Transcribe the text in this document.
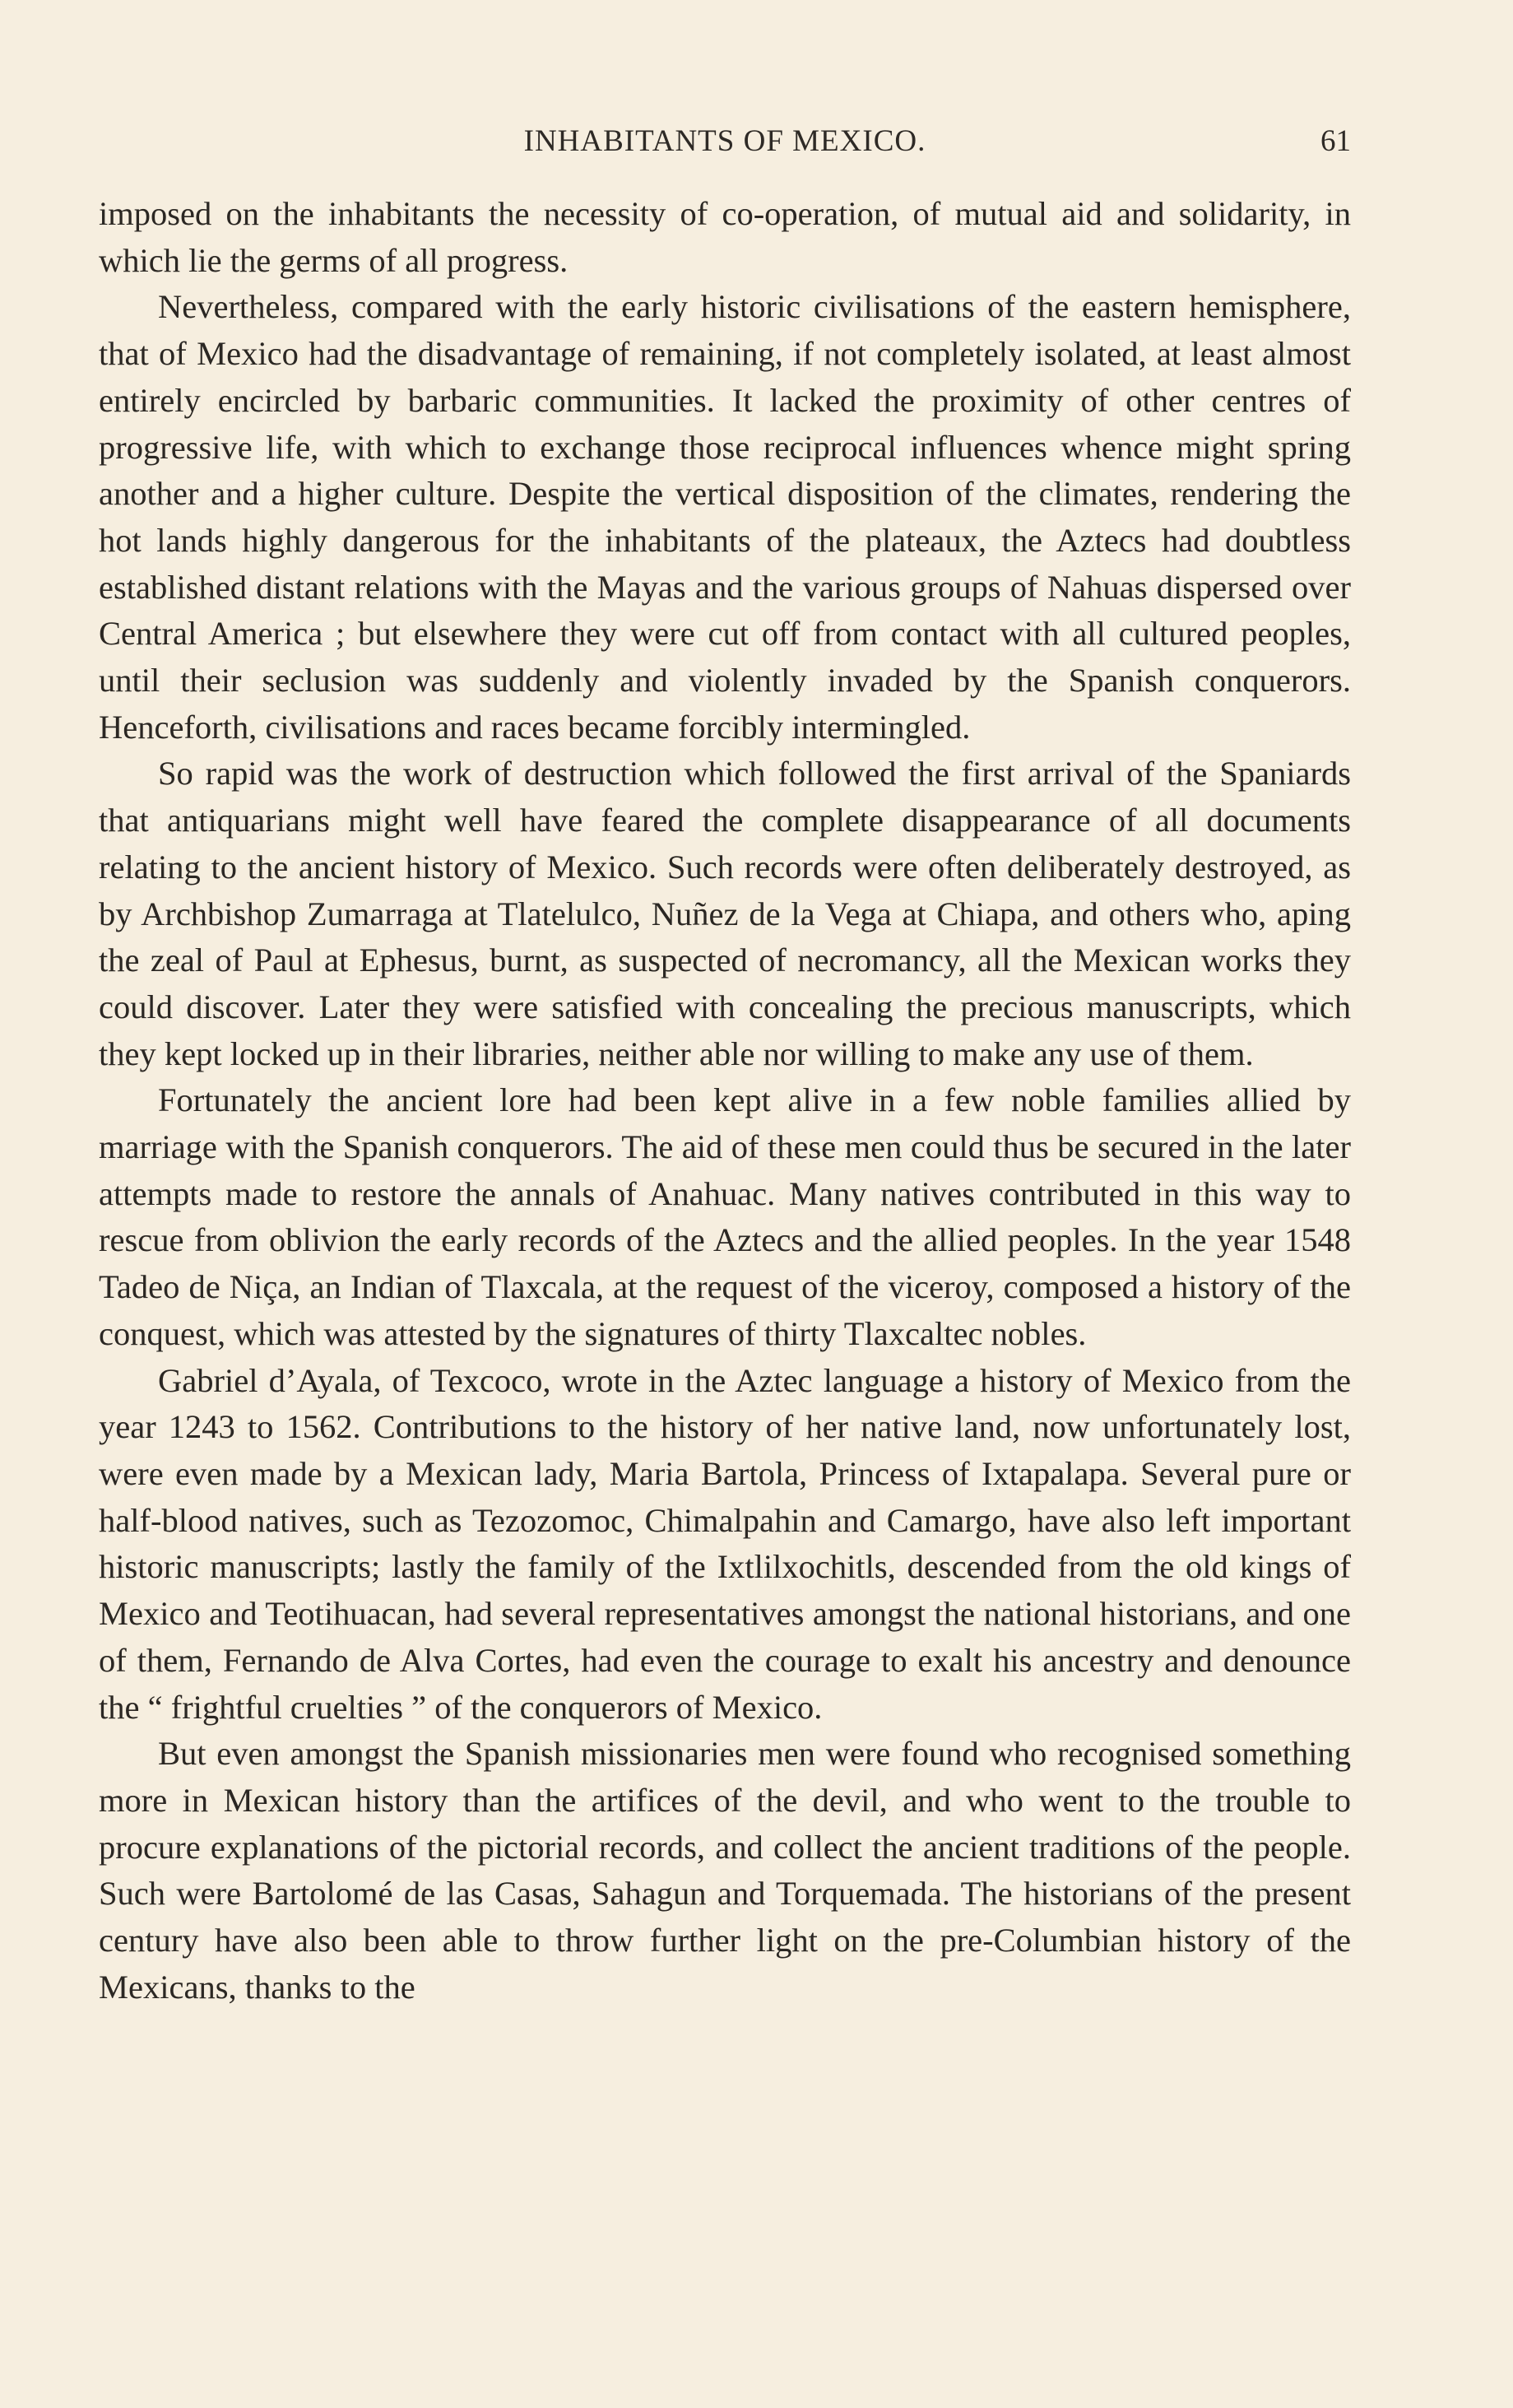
INHABITANTS OF MEXICO.	61

imposed on the inhabitants the necessity of co-operation, of mutual aid and solidarity, in which lie the germs of all progress.

Nevertheless, compared with the early historic civilisations of the eastern hemisphere, that of Mexico had the disadvantage of remaining, if not completely isolated, at least almost entirely encircled by barbaric communities. It lacked the proximity of other centres of progressive life, with which to exchange those reciprocal influences whence might spring another and a higher culture. Despite the vertical disposition of the climates, rendering the hot lands highly dangerous for the inhabitants of the plateaux, the Aztecs had doubtless established distant relations with the Mayas and the various groups of Nahuas dispersed over Central America ; but elsewhere they were cut off from contact with all cultured peoples, until their seclusion was suddenly and violently invaded by the Spanish conquerors. Henceforth, civilisations and races became forcibly intermingled.

So rapid was the work of destruction which followed the first arrival of the Spaniards that antiquarians might well have feared the complete disappearance of all documents relating to the ancient history of Mexico. Such records were often deliberately destroyed, as by Archbishop Zumarraga at Tlatelulco, Nuñez de la Vega at Chiapa, and others who, aping the zeal of Paul at Ephesus, burnt, as suspected of necromancy, all the Mexican works they could discover. Later they were satisfied with concealing the precious manuscripts, which they kept locked up in their libraries, neither able nor willing to make any use of them.

Fortunately the ancient lore had been kept alive in a few noble families allied by marriage with the Spanish conquerors. The aid of these men could thus be secured in the later attempts made to restore the annals of Anahuac. Many natives contributed in this way to rescue from oblivion the early records of the Aztecs and the allied peoples. In the year 1548 Tadeo de Niça, an Indian of Tlaxcala, at the request of the viceroy, composed a history of the conquest, which was attested by the signatures of thirty Tlaxcaltec nobles.

Gabriel d’Ayala, of Texcoco, wrote in the Aztec language a history of Mexico from the year 1243 to 1562. Contributions to the history of her native land, now unfortunately lost, were even made by a Mexican lady, Maria Bartola, Princess of Ixtapalapa. Several pure or half-blood natives, such as Tezozomoc, Chimalpahin and Camargo, have also left important historic manuscripts; lastly the family of the Ixtlilxochitls, descended from the old kings of Mexico and Teotihuacan, had several representatives amongst the national historians, and one of them, Fernando de Alva Cortes, had even the courage to exalt his ancestry and denounce the “ frightful cruelties ” of the conquerors of Mexico.

But even amongst the Spanish missionaries men were found who recognised something more in Mexican history than the artifices of the devil, and who went to the trouble to procure explanations of the pictorial records, and collect the ancient traditions of the people. Such were Bartolomé de las Casas, Sahagun and Torquemada. The historians of the present century have also been able to throw further light on the pre-Columbian history of the Mexicans, thanks to the
